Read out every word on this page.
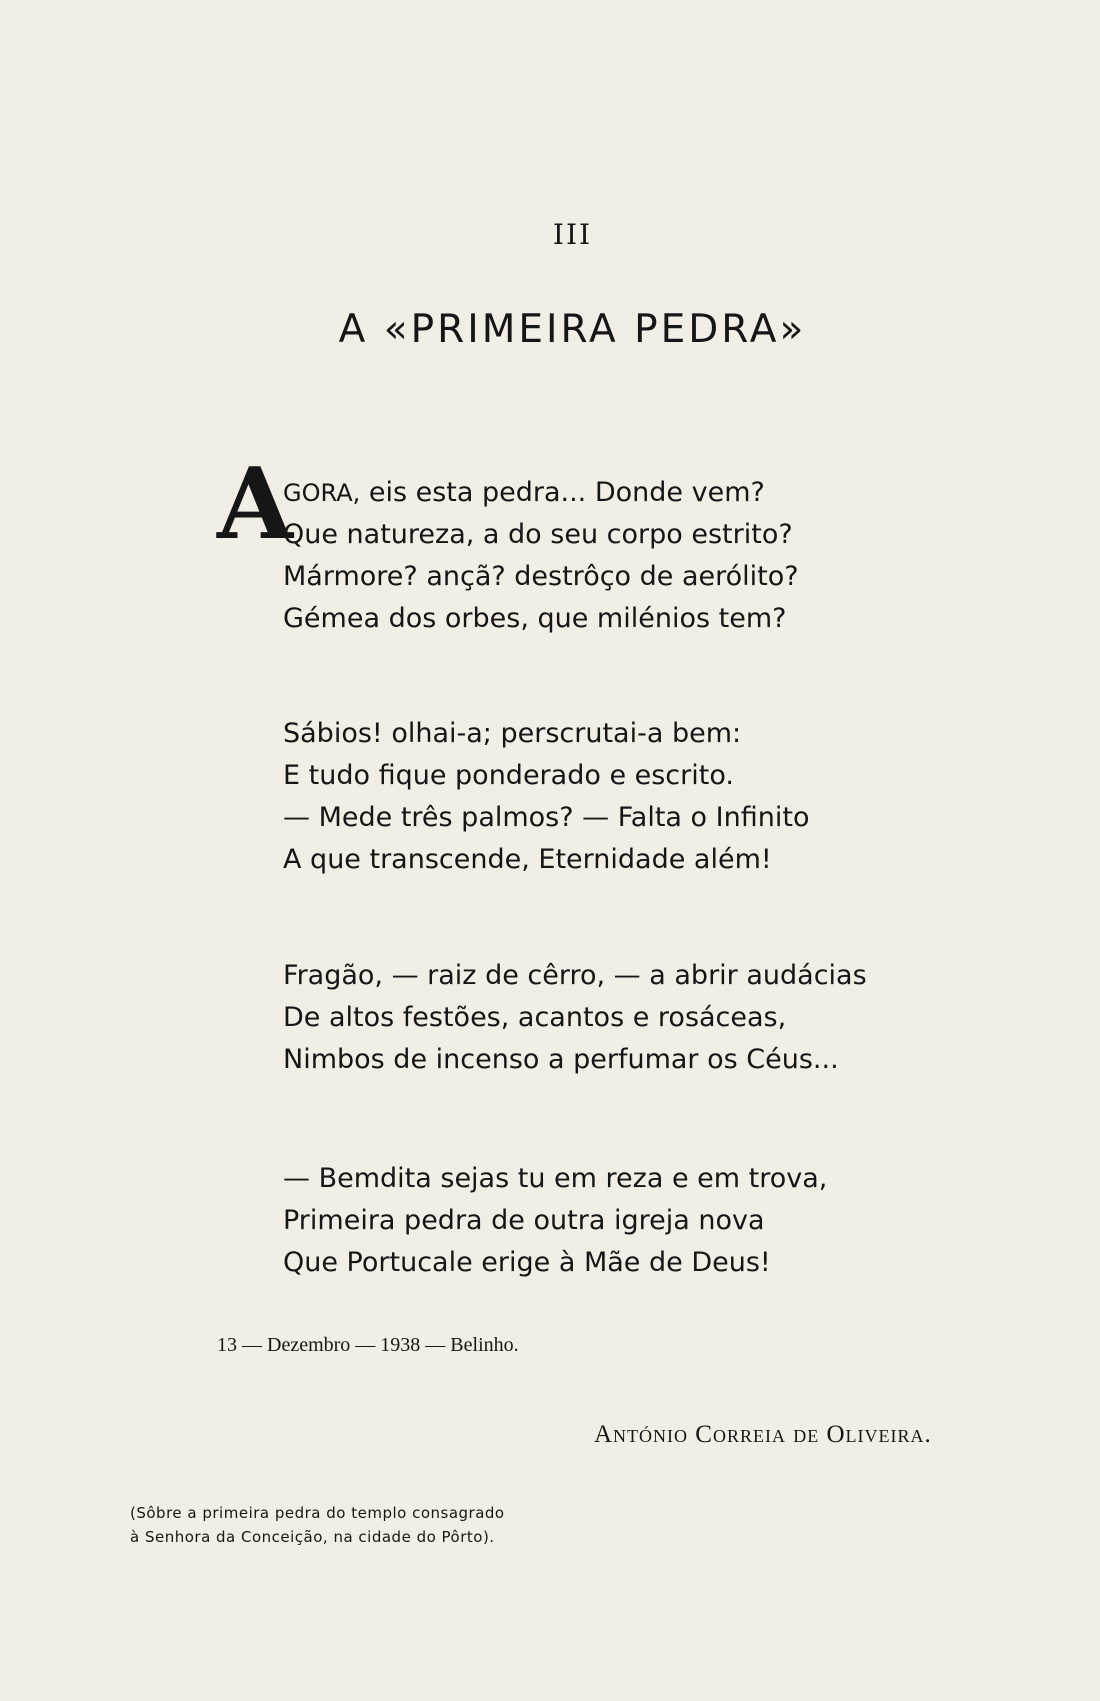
III
A «PRIMEIRA PEDRA»
A
GORA, eis esta pedra... Donde vem?
Que natureza, a do seu corpo estrito?
Mármore? ançã? destrôço de aerólito?
Gémea dos orbes, que milénios tem?
Sábios! olhai-a; perscrutai-a bem:
E tudo fique ponderado e escrito.
— Mede três palmos? — Falta o Infinito
A que transcende, Eternidade além!
Fragão, — raiz de cêrro, — a abrir audácias
De altos festões, acantos e rosáceas,
Nimbos de incenso a perfumar os Céus...
— Bemdita sejas tu em reza e em trova,
Primeira pedra de outra igreja nova
Que Portucale erige à Mãe de Deus!
13 — Dezembro — 1938 — Belinho.
António Correia de Oliveira.
(Sôbre a primeira pedra do templo consagrado
à Senhora da Conceição, na cidade do Pôrto).
